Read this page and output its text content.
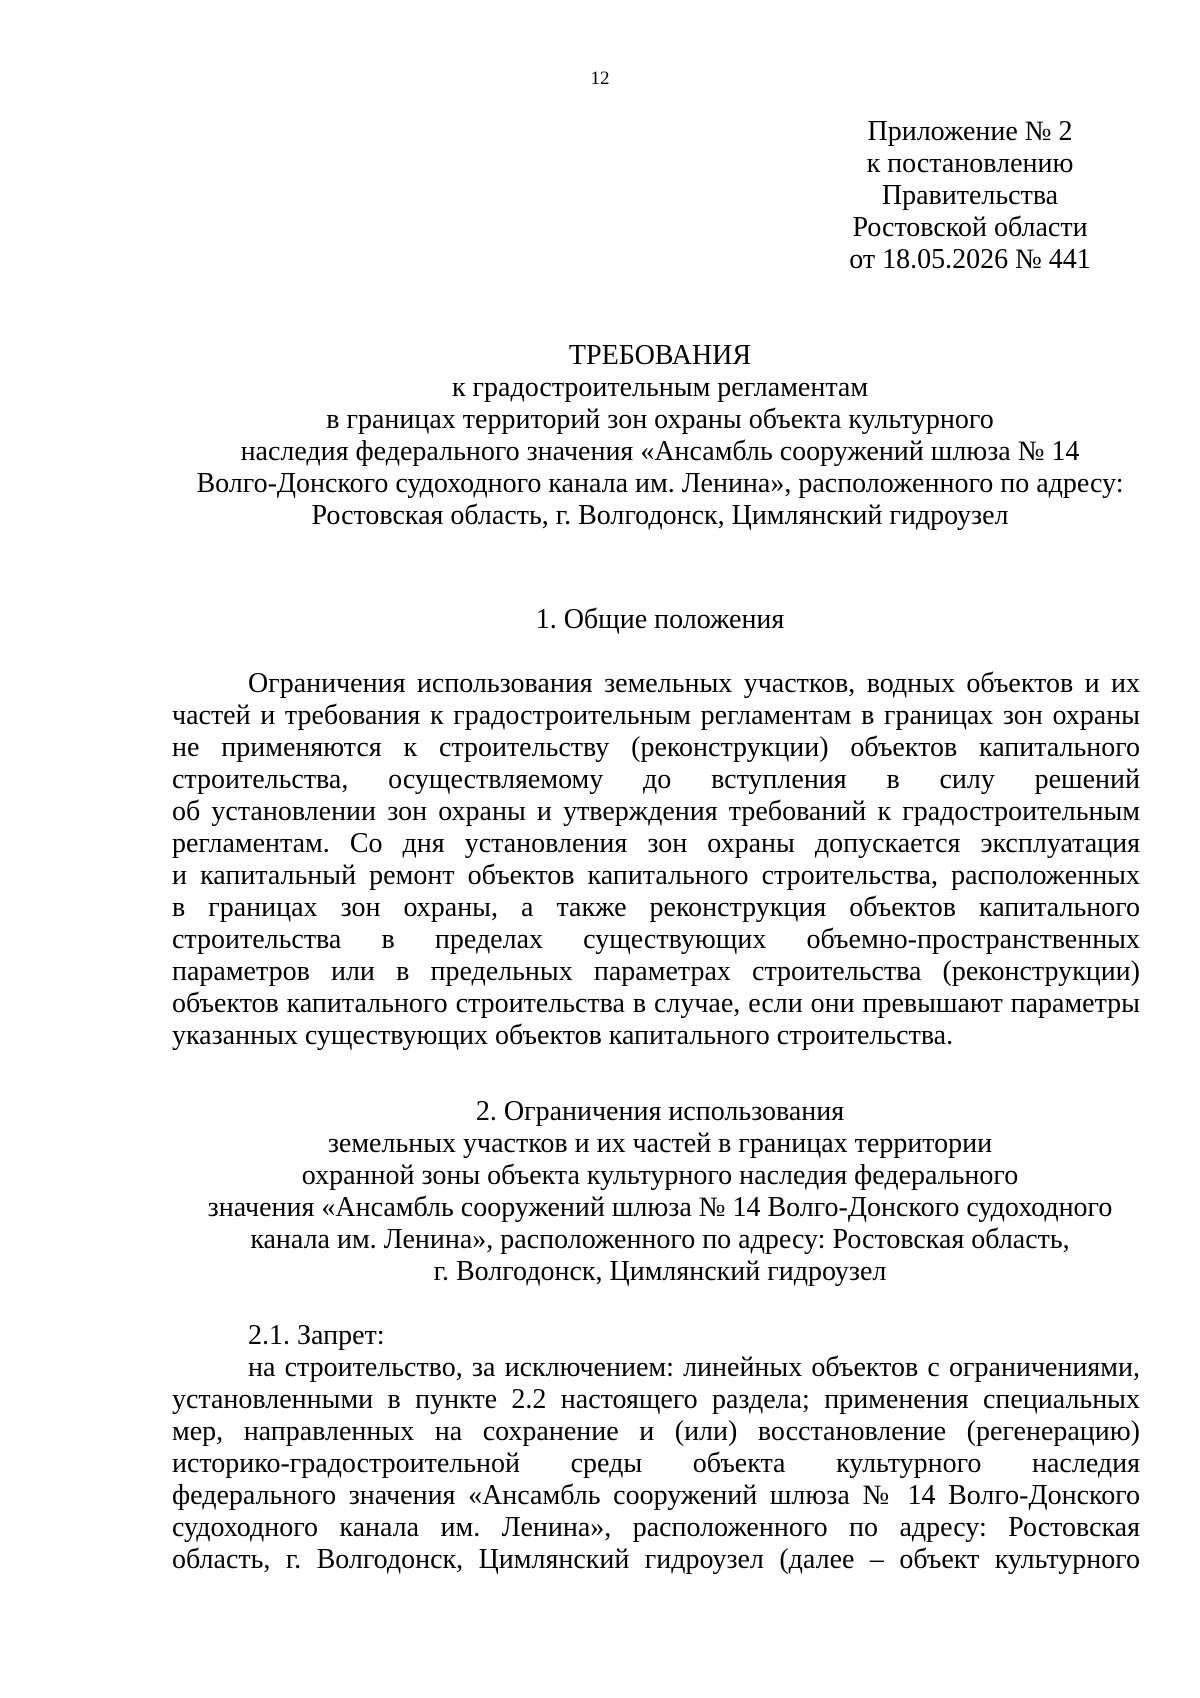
12
Приложение № 2
к постановлению
Правительства
Ростовской области
от 18.05.2026 № 441
ТРЕБОВАНИЯ
к градостроительным регламентам
в границах территорий зон охраны объекта культурного
наследия федерального значения «Ансамбль сооружений шлюза № 14
Волго-Донского судоходного канала им. Ленина», расположенного по адресу:
Ростовская область, г. Волгодонск, Цимлянский гидроузел
1. Общие положения
Ограничения использования земельных участков, водных объектов и их
частей и требования к градостроительным регламентам в границах зон охраны
не применяются к строительству (реконструкции) объектов капитального
строительства, осуществляемому до вступления в силу решений
об установлении зон охраны и утверждения требований к градостроительным
регламентам. Со дня установления зон охраны допускается эксплуатация
и капитальный ремонт объектов капитального строительства, расположенных
в границах зон охраны, а также реконструкция объектов капитального
строительства в пределах существующих объемно-пространственных
параметров или в предельных параметрах строительства (реконструкции)
объектов капитального строительства в случае, если они превышают параметры
указанных существующих объектов капитального строительства.
2. Ограничения использования
земельных участков и их частей в границах территории
охранной зоны объекта культурного наследия федерального
значения «Ансамбль сооружений шлюза № 14 Волго-Донского судоходного
канала им. Ленина», расположенного по адресу: Ростовская область,
г. Волгодонск, Цимлянский гидроузел
2.1. Запрет:
на строительство, за исключением: линейных объектов с ограничениями,
установленными в пункте 2.2 настоящего раздела; применения специальных
мер, направленных на сохранение и (или) восстановление (регенерацию)
историко-градостроительной среды объекта культурного наследия
федерального значения «Ансамбль сооружений шлюза № 14 Волго-Донского
судоходного канала им. Ленина», расположенного по адресу: Ростовская
область, г. Волгодонск, Цимлянский гидроузел (далее – объект культурного
